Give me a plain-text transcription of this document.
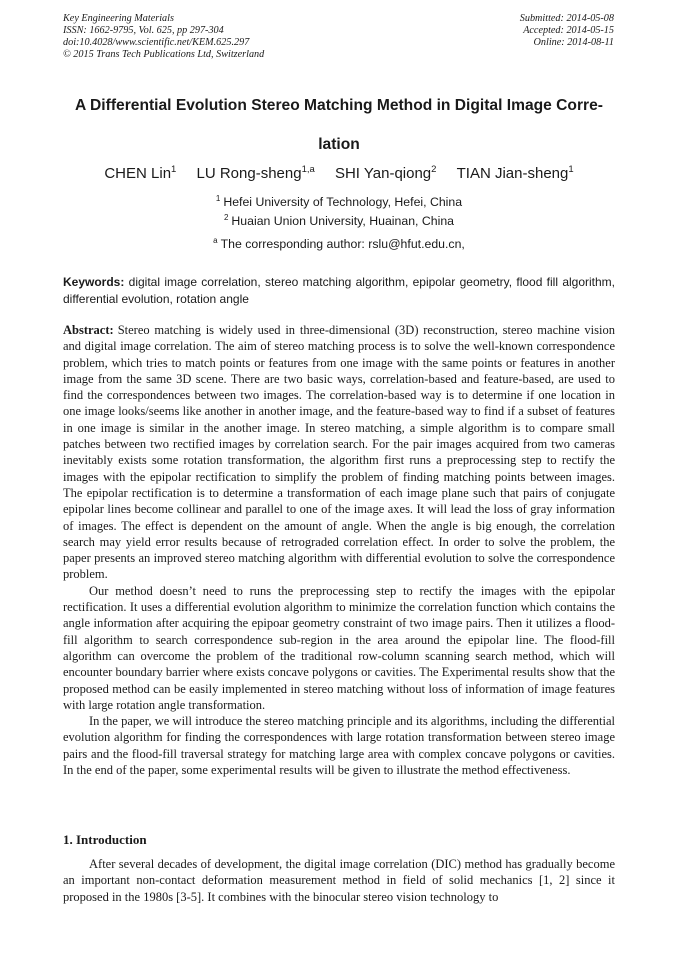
Key Engineering Materials
ISSN: 1662-9795, Vol. 625, pp 297-304
doi:10.4028/www.scientific.net/KEM.625.297
© 2015 Trans Tech Publications Ltd, Switzerland
Submitted: 2014-05-08
Accepted: 2014-05-15
Online: 2014-08-11
A Differential Evolution Stereo Matching Method in Digital Image Corre-
lation
CHEN Lin$^1$ LU Rong-sheng$^{1,a}$ SHI Yan-qiong$^2$ TIAN Jian-sheng$^1$
$^1$ Hefei University of Technology, Hefei, China
$^2$ Huaian Union University, Huainan, China
$^a$ The corresponding author: rslu@hfut.edu.cn,
Keywords: digital image correlation, stereo matching algorithm, epipolar geometry, flood fill algorithm, differential evolution, rotation angle

Abstract: Stereo matching is widely used in three-dimensional (3D) reconstruction, stereo machine vision and digital image correlation. The aim of stereo matching process is to solve the well-known correspondence problem, which tries to match points or features from one image with the same points or features in another image from the same 3D scene. There are two basic ways, correlation-based and feature-based, are used to find the correspondences between two images. The correlation-based way is to determine if one location in one image looks/seems like another in another image, and the feature-based way to find if a subset of features in one image is similar in the another image. In stereo matching, a simple algorithm is to compare small patches between two rectified images by correlation search. For the pair images acquired from two cameras inevitably exists some rotation transformation, the algorithm first runs a preprocessing step to rectify the images with the epipolar rectification to simplify the problem of finding matching points between images. The epipolar rectification is to determine a transformation of each image plane such that pairs of conjugate epipolar lines become collinear and parallel to one of the image axes. It will lead the loss of gray information of images. The effect is dependent on the amount of angle. When the angle is big enough, the correlation search may yield error results because of retrograded correlation effect. In order to solve the problem, the paper presents an improved stereo matching algorithm with differential evolution to solve the correspondence problem.

Our method doesn’t need to runs the preprocessing step to rectify the images with the epipolar rectification. It uses a differential evolution algorithm to minimize the correlation function which contains the angle information after acquiring the epipoar geometry constraint of two image pairs. Then it utilizes a flood-fill algorithm to search correspondence sub-region in the area around the epipolar line. The flood-fill algorithm can overcome the problem of the traditional row-column scanning search method, which will encounter boundary barrier where exists concave polygons or cavities. The Experimental results show that the proposed method can be easily implemented in stereo matching without loss of information of image features with large rotation angle transformation.

In the paper, we will introduce the stereo matching principle and its algorithms, including the differential evolution algorithm for finding the correspondences with large rotation transformation between stereo image pairs and the flood-fill traversal strategy for matching large area with complex concave polygons or cavities. In the end of the paper, some experimental results will be given to illustrate the method effectiveness.

1. Introduction

After several decades of development, the digital image correlation (DIC) method has gradually become an important non-contact deformation measurement method in field of solid mechanics [1, 2] since it proposed in the 1980s [3-5]. It combines with the binocular stereo vision technology to
